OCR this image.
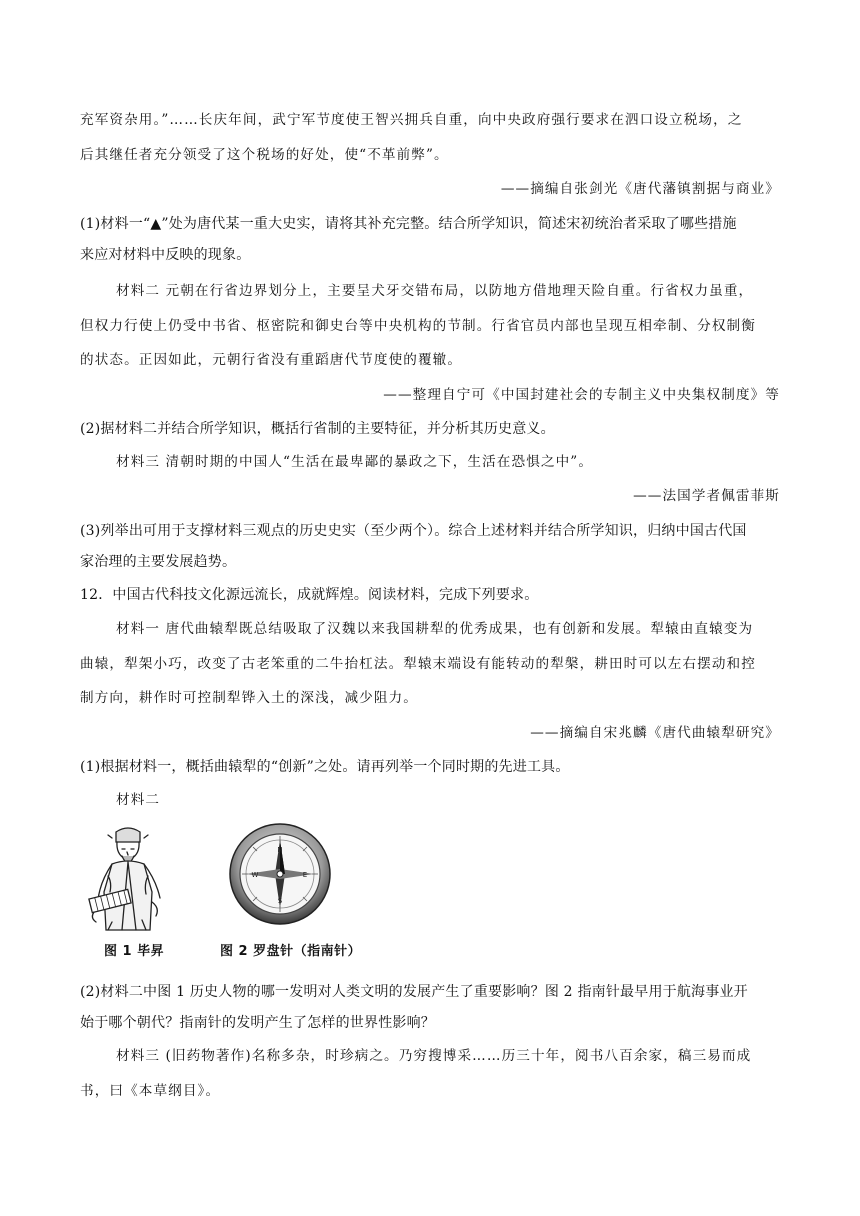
充军资杂用。”……长庆年间，武宁军节度使王智兴拥兵自重，向中央政府强行要求在泗口设立税场，之
后其继任者充分领受了这个税场的好处，使“不革前弊”。
——摘编自张剑光《唐代藩镇割据与商业》
(1)材料一“▲”处为唐代某一重大史实，请将其补充完整。结合所学知识，简述宋初统治者采取了哪些措施
来应对材料中反映的现象。
材料二 元朝在行省边界划分上，主要呈犬牙交错布局，以防地方借地理天险自重。行省权力虽重，
但权力行使上仍受中书省、枢密院和御史台等中央机构的节制。行省官员内部也呈现互相牵制、分权制衡
的状态。正因如此，元朝行省没有重蹈唐代节度使的覆辙。
——整理自宁可《中国封建社会的专制主义中央集权制度》等
(2)据材料二并结合所学知识，概括行省制的主要特征，并分析其历史意义。
材料三 清朝时期的中国人“生活在最卑鄙的暴政之下，生活在恐惧之中”。
——法国学者佩雷菲斯
(3)列举出可用于支撑材料三观点的历史史实（至少两个）。综合上述材料并结合所学知识，归纳中国古代国
家治理的主要发展趋势。
12．中国古代科技文化源远流长，成就辉煌。阅读材料，完成下列要求。
材料一 唐代曲辕犁既总结吸取了汉魏以来我国耕犁的优秀成果，也有创新和发展。犁辕由直辕变为
曲辕，犁架小巧，改变了古老笨重的二牛抬杠法。犁辕末端设有能转动的犁槃，耕田时可以左右摆动和控
制方向，耕作时可控制犁铧入土的深浅，减少阻力。
——摘编自宋兆麟《唐代曲辕犁研究》
(1)根据材料一，概括曲辕犁的“创新”之处。请再列举一个同时期的先进工具。
材料二
图 1 毕昇
N
S
W	E
图 2 罗盘针（指南针）
(2)材料二中图 1 历史人物的哪一发明对人类文明的发展产生了重要影响？图 2 指南针最早用于航海事业开
始于哪个朝代？指南针的发明产生了怎样的世界性影响？
材料三 (旧药物著作)名称多杂，时珍病之。乃穷搜博采……历三十年，阅书八百余家，稿三易而成
书，曰《本草纲目》。
